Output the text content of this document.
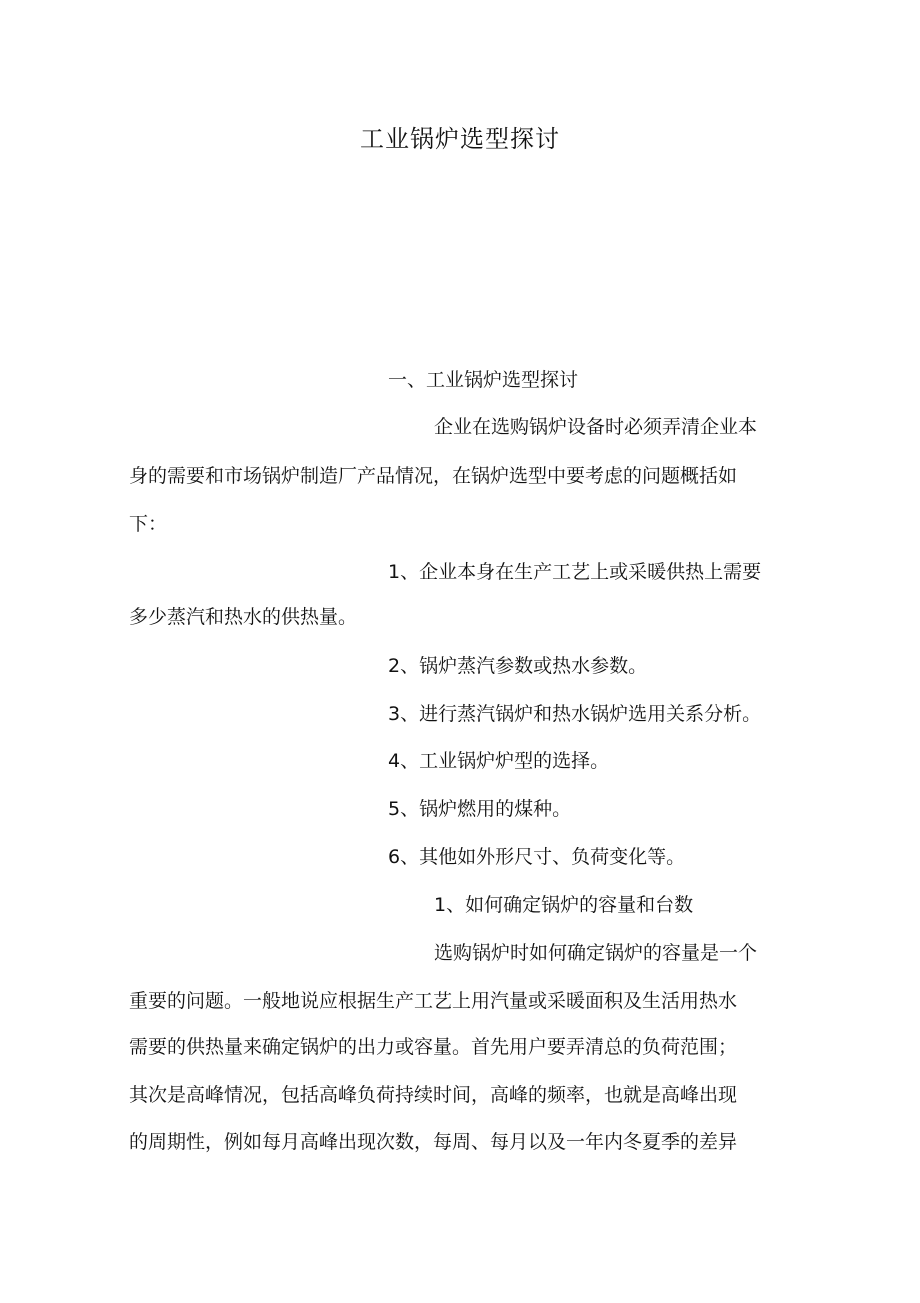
工业锅炉选型探讨
一、工业锅炉选型探讨
企业在选购锅炉设备时必须弄清企业本
身的需要和市场锅炉制造厂产品情况，在锅炉选型中要考虑的问题概括如
下：
1、企业本身在生产工艺上或采暖供热上需要
多少蒸汽和热水的供热量。
2、锅炉蒸汽参数或热水参数。
3、进行蒸汽锅炉和热水锅炉选用关系分析。
4、工业锅炉炉型的选择。
5、锅炉燃用的煤种。
6、其他如外形尺寸、负荷变化等。
1、如何确定锅炉的容量和台数
选购锅炉时如何确定锅炉的容量是一个
重要的问题。一般地说应根据生产工艺上用汽量或采暖面积及生活用热水
需要的供热量来确定锅炉的出力或容量。首先用户要弄清总的负荷范围；
其次是高峰情况，包括高峰负荷持续时间，高峰的频率，也就是高峰出现
的周期性，例如每月高峰出现次数，每周、每月以及一年内冬夏季的差异
